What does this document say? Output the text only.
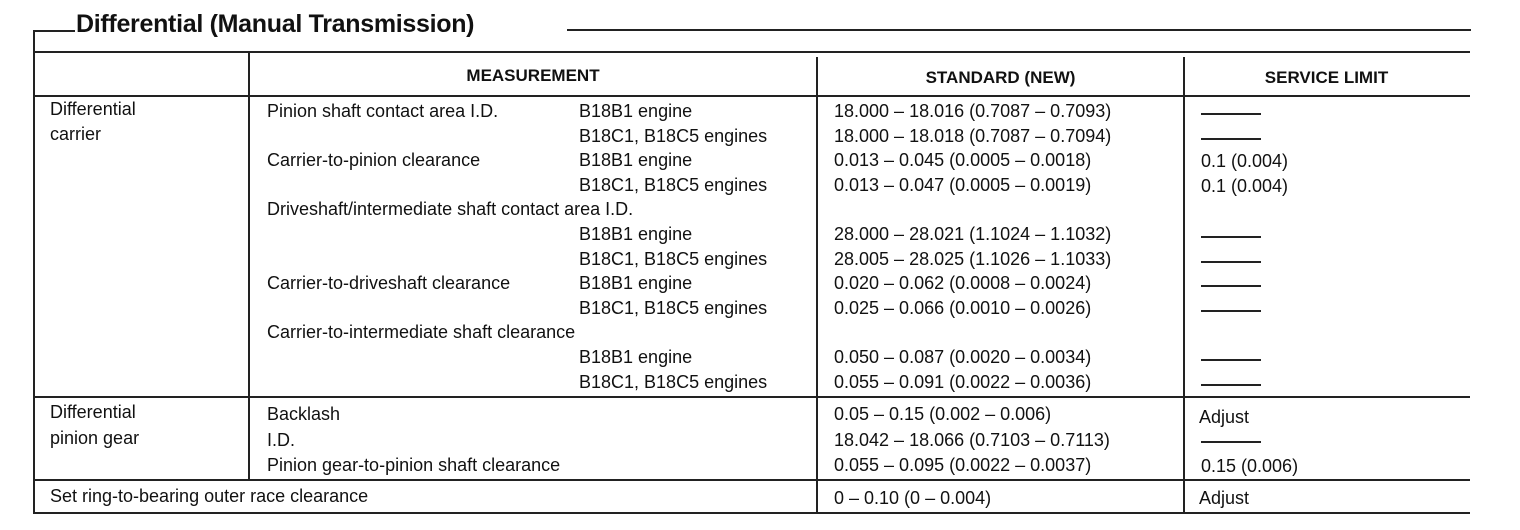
Differential (Manual Transmission)
MEASUREMENT	STANDARD (NEW)	SERVICE LIMIT
Differential
carrier
Pinion shaft contact area I.D.	B18B1 engine	18.000 – 18.016 (0.7087 – 0.7093)
B18C1, B18C5 engines	18.000 – 18.018 (0.7087 – 0.7094)
Carrier-to-pinion clearance	B18B1 engine	0.013 – 0.045 (0.0005 – 0.0018)	0.1 (0.004)
B18C1, B18C5 engines	0.013 – 0.047 (0.0005 – 0.0019)	0.1 (0.004)
Driveshaft/intermediate shaft contact area I.D.
B18B1 engine	28.000 – 28.021 (1.1024 – 1.1032)
B18C1, B18C5 engines	28.005 – 28.025 (1.1026 – 1.1033)
Carrier-to-driveshaft clearance	B18B1 engine	0.020 – 0.062 (0.0008 – 0.0024)
B18C1, B18C5 engines	0.025 – 0.066 (0.0010 – 0.0026)
Carrier-to-intermediate shaft clearance
B18B1 engine	0.050 – 0.087 (0.0020 – 0.0034)
B18C1, B18C5 engines	0.055 – 0.091 (0.0022 – 0.0036)
Differential
pinion gear
Backlash	0.05 – 0.15 (0.002 – 0.006)	Adjust
I.D.	18.042 – 18.066 (0.7103 – 0.7113)
Pinion gear-to-pinion shaft clearance	0.055 – 0.095 (0.0022 – 0.0037)	0.15 (0.006)
Set ring-to-bearing outer race clearance	0 – 0.10 (0 – 0.004)	Adjust
